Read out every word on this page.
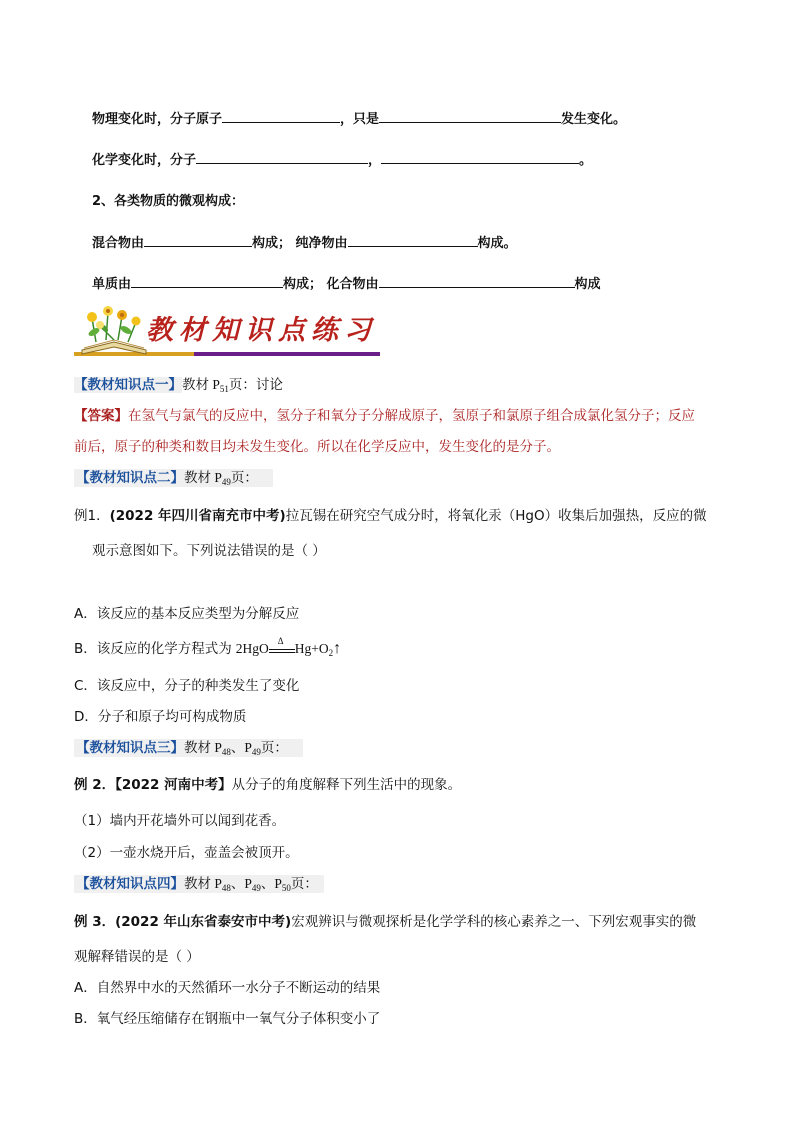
物理变化时，分子原子	，只是	发生变化。
化学变化时，分子	，	。
2、各类物质的微观构成：
混合物由	构成； 纯净物由	构成。
单质由	构成； 化合物由	构成
教材知识点练习
【教材知识点一】教材 $P_{51}$页：讨论
【答案】在氢气与氯气的反应中，氢分子和氧分子分解成原子，氢原子和氯原子组合成氯化氢分子；反应
前后，原子的种类和数目均未发生变化。所以在化学反应中，发生变化的是分子。
【教材知识点二】教材 $P_{49}$页：
例1．(2022 年四川省南充市中考)拉瓦锡在研究空气成分时，将氧化汞（HgO）收集后加强热，反应的微
观示意图如下。下列说法错误的是（ ）
A．该反应的基本反应类型为分解反应
B．该反应的化学方程式为 2HgO Δ $Hg+O_2↑$
C．该反应中，分子的种类发生了变化
D．分子和原子均可构成物质
【教材知识点三】教材 $P_{48}$、$P_{49}$页：
例 2．【2022 河南中考】从分子的角度解释下列生活中的现象。
（1）墙内开花墙外可以闻到花香。
（2）一壶水烧开后，壶盖会被顶开。
【教材知识点四】教材 $P_{48}$、$P_{49}$、$P_{50}$页：
例 3．(2022 年山东省泰安市中考)宏观辨识与微观探析是化学学科的核心素养之一、下列宏观事实的微
观解释错误的是（ ）
A．自然界中水的天然循环一水分子不断运动的结果
B．氧气经压缩储存在钢瓶中一氧气分子体积变小了
